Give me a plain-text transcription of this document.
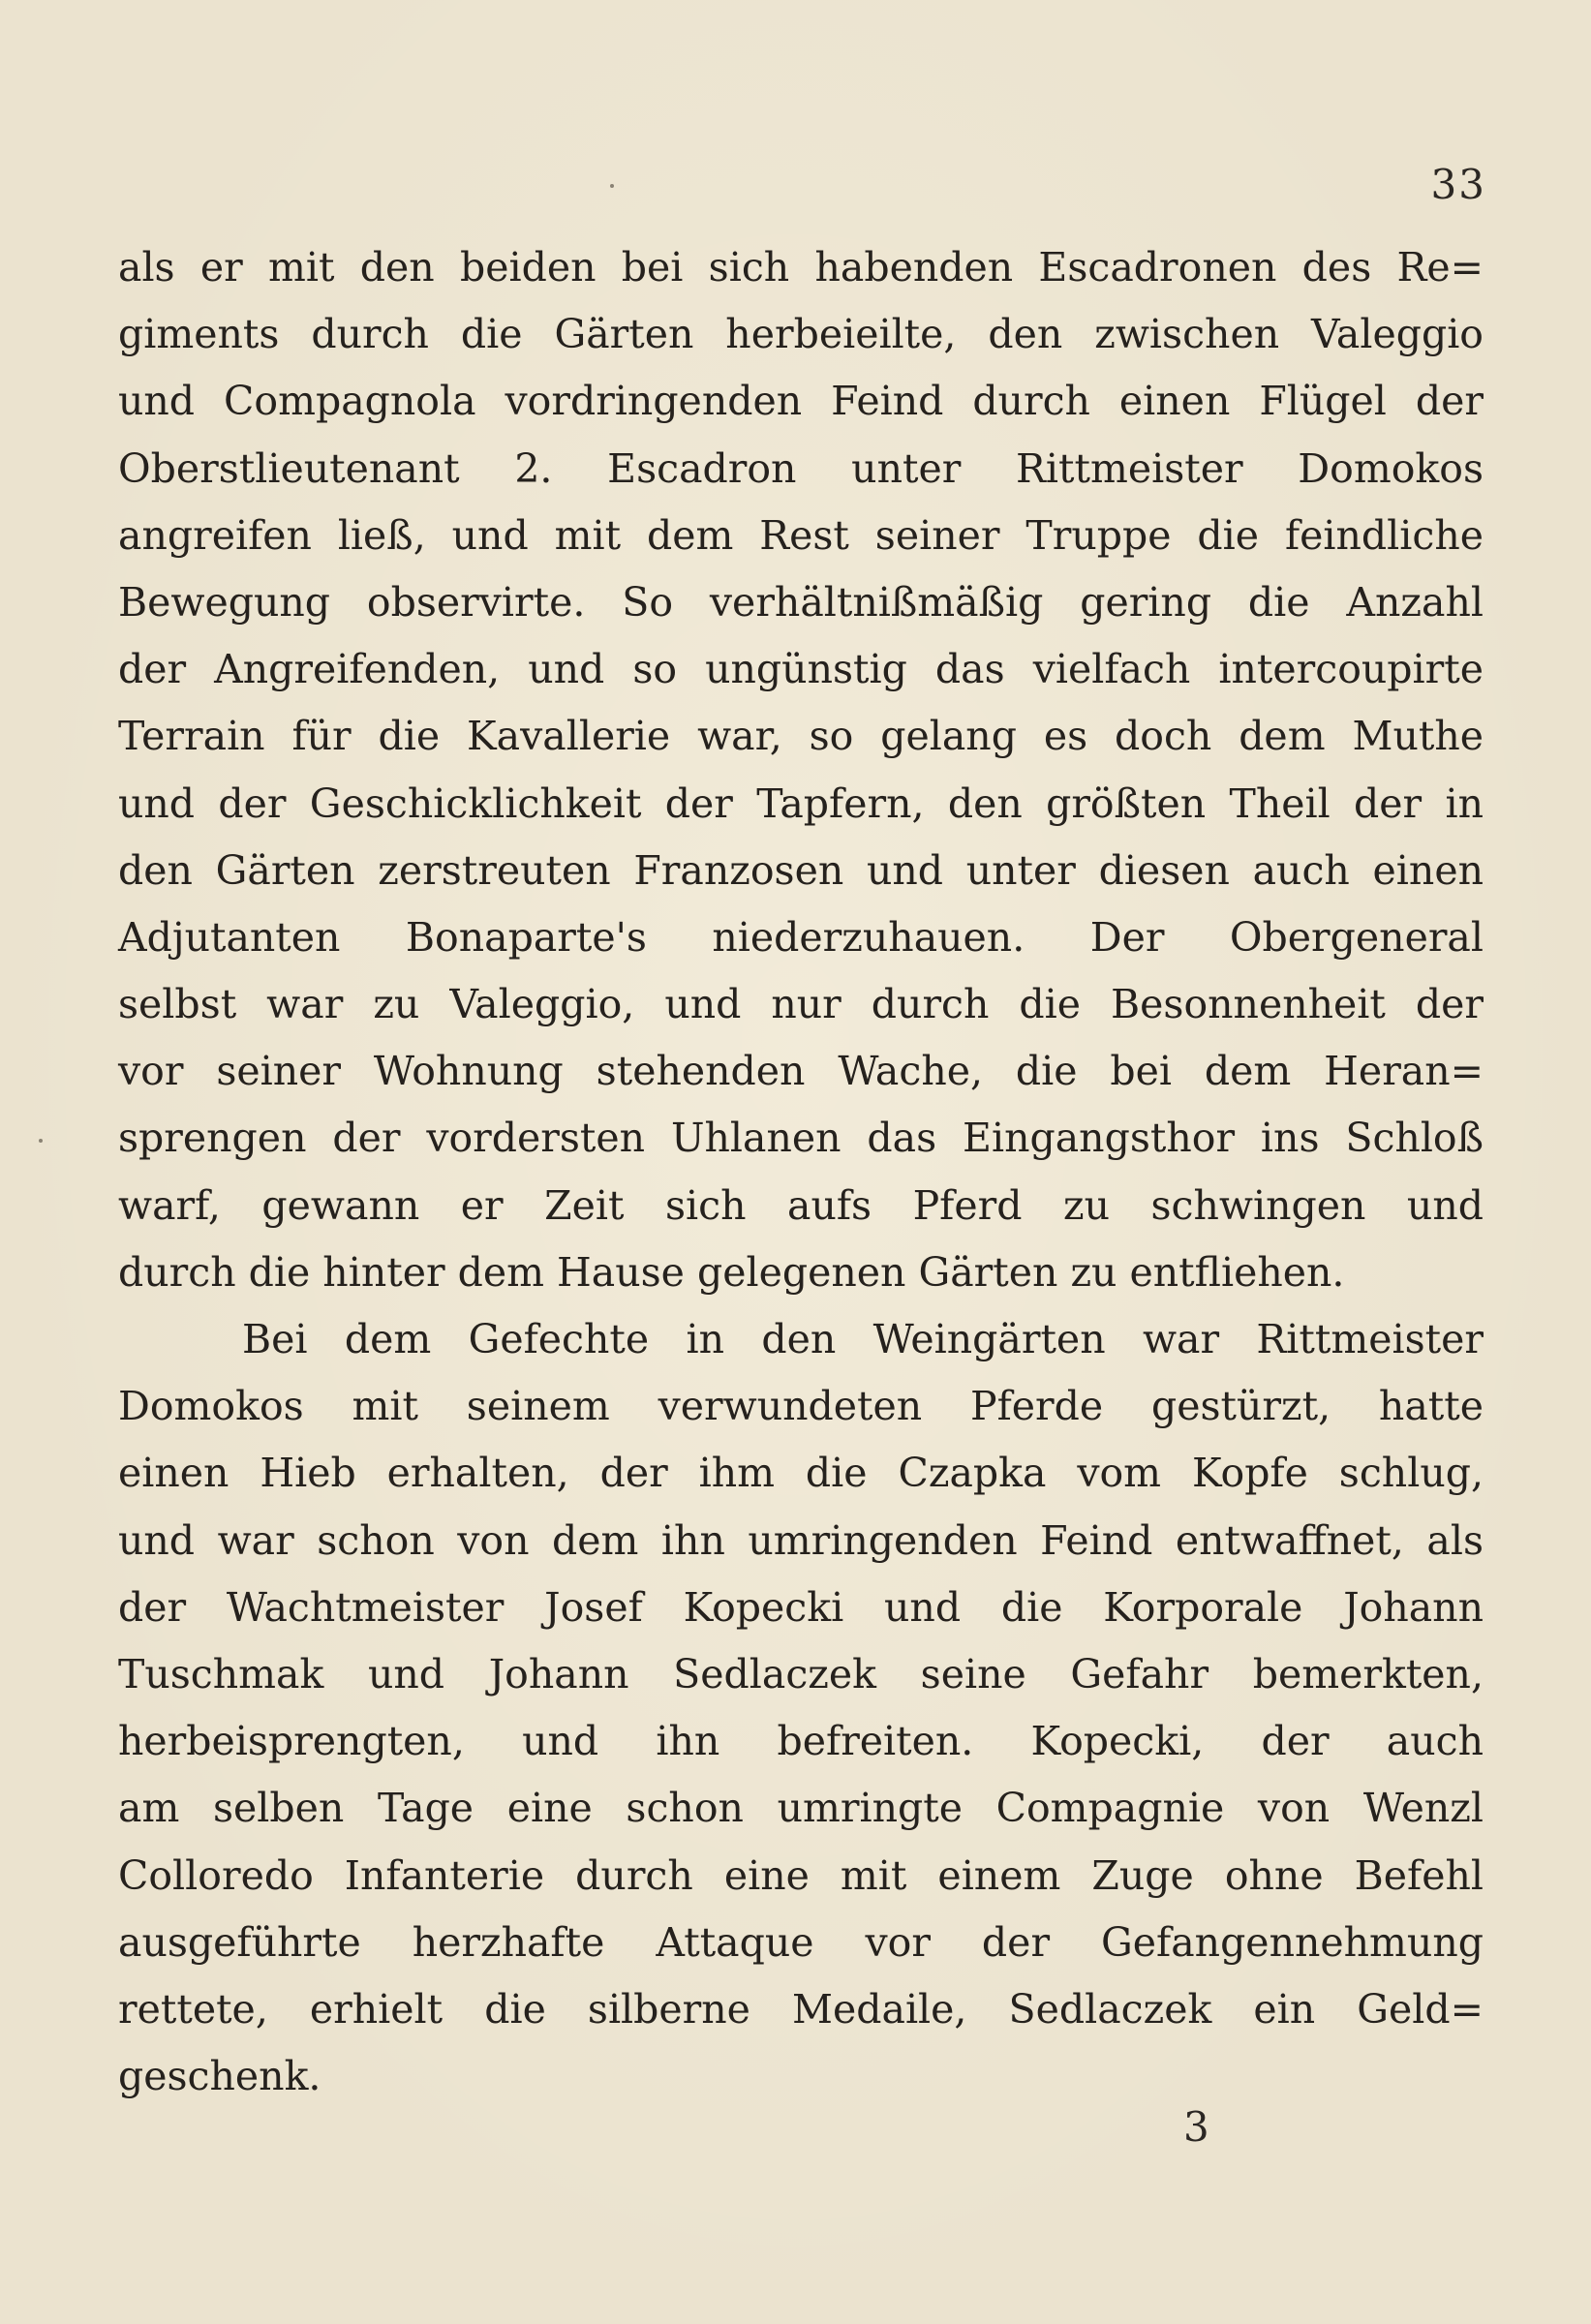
33
als er mit den beiden bei sich habenden Escadronen des Re=
giments durch die Gärten herbeieilte, den zwischen Valeggio
und Compagnola vordringenden Feind durch einen Flügel der
Oberstlieutenant 2. Escadron unter Rittmeister Domokos
angreifen ließ, und mit dem Rest seiner Truppe die feindliche
Bewegung observirte. So verhältnißmäßig gering die Anzahl
der Angreifenden, und so ungünstig das vielfach intercoupirte
Terrain für die Kavallerie war, so gelang es doch dem Muthe
und der Geschicklichkeit der Tapfern, den größten Theil der in
den Gärten zerstreuten Franzosen und unter diesen auch einen
Adjutanten Bonaparte's niederzuhauen. Der Obergeneral
selbst war zu Valeggio, und nur durch die Besonnenheit der
vor seiner Wohnung stehenden Wache, die bei dem Heran=
sprengen der vordersten Uhlanen das Eingangsthor ins Schloß
warf, gewann er Zeit sich aufs Pferd zu schwingen und
durch die hinter dem Hause gelegenen Gärten zu entfliehen.
Bei dem Gefechte in den Weingärten war Rittmeister
Domokos mit seinem verwundeten Pferde gestürzt, hatte
einen Hieb erhalten, der ihm die Czapka vom Kopfe schlug,
und war schon von dem ihn umringenden Feind entwaffnet, als
der Wachtmeister Josef Kopecki und die Korporale Johann
Tuschmak und Johann Sedlaczek seine Gefahr bemerkten,
herbeisprengten, und ihn befreiten. Kopecki, der auch
am selben Tage eine schon umringte Compagnie von Wenzl
Colloredo Infanterie durch eine mit einem Zuge ohne Befehl
ausgeführte herzhafte Attaque vor der Gefangennehmung
rettete, erhielt die silberne Medaile, Sedlaczek ein Geld=
geschenk.
3
